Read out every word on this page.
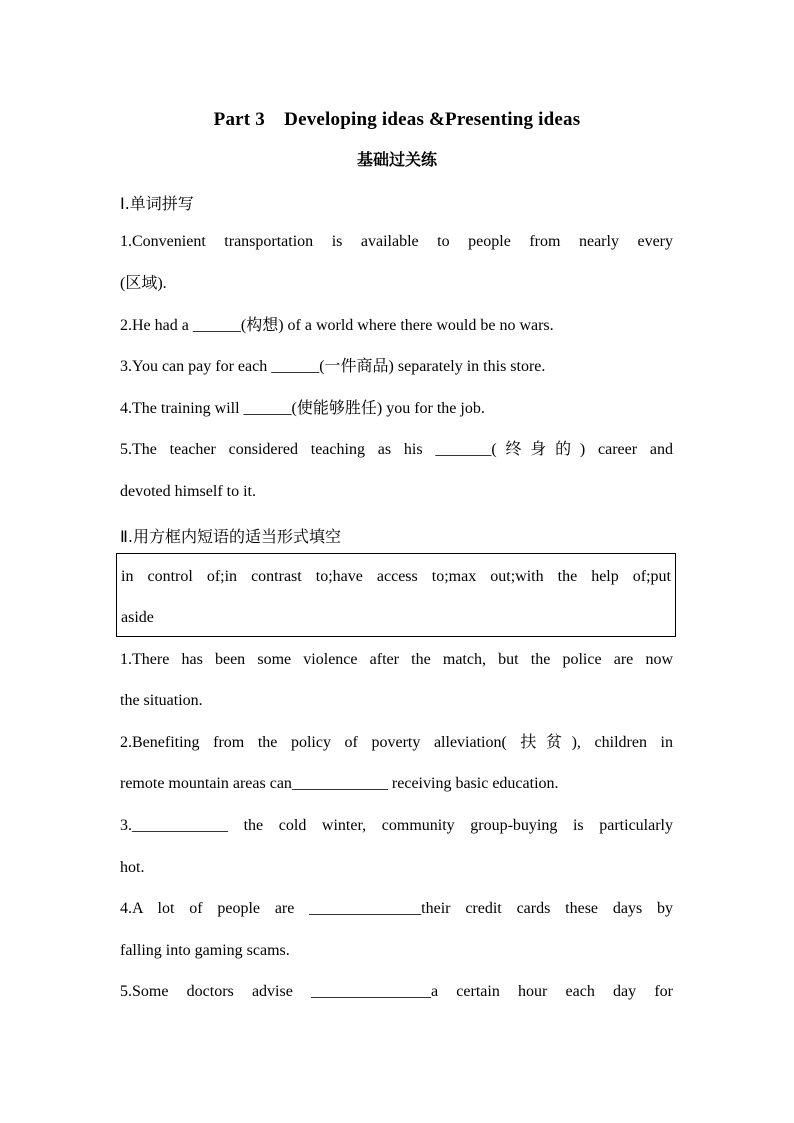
Part 3　Developing ideas &Presenting ideas
基础过关练
Ⅰ.单词拼写
1.Convenient transportation is available to people from nearly every
(区域).
2.He had a ______(构想) of a world where there would be no wars.
3.You can pay for each ______(一件商品) separately in this store.
4.The training will ______(使能够胜任) you for the job.
5.The teacher considered teaching as his _______(终身的) career and
devoted himself to it.
Ⅱ.用方框内短语的适当形式填空
in control of;in contrast to;have access to;max out;with the help of;put
aside
1.There has been some violence after the match, but the police are now
the situation.
2.Benefiting from the policy of poverty alleviation( 扶贫), children in
remote mountain areas can____________ receiving basic education.
3.____________ the cold winter, community group-buying is particularly
hot.
4.A lot of people are ______________their credit cards these days by
falling into gaming scams.
5.Some doctors advise _______________a certain hour each day for
